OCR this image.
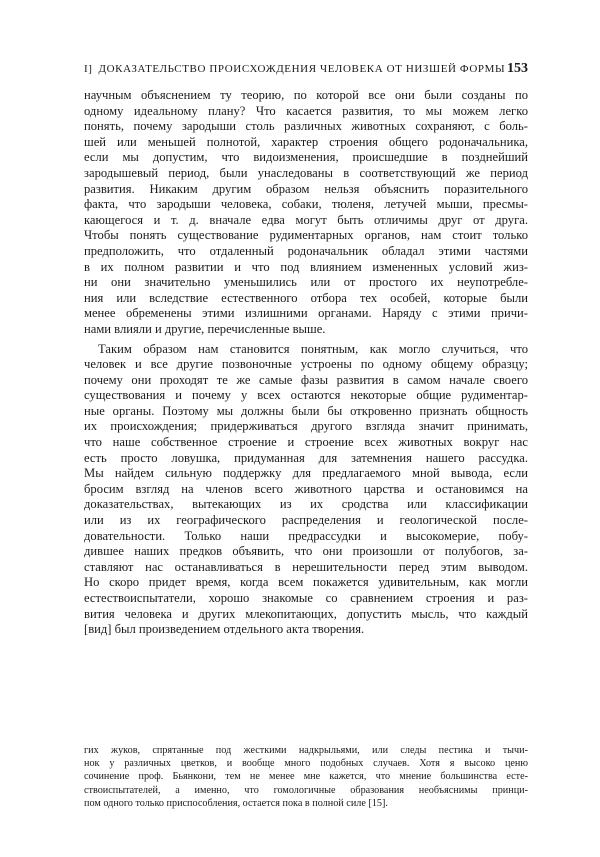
I] ДОКАЗАТЕЛЬСТВО ПРОИСХОЖДЕНИЯ ЧЕЛОВЕКА ОТ НИЗШЕЙ ФОРМЫ 153
научным объяснением ту теорию, по которой все они были созданы по
одному идеальному плану? Что касается развития, то мы можем легко
понять, почему зародыши столь различных животных сохраняют, с боль-
шей или меньшей полнотой, характер строения общего родоначальника,
если мы допустим, что видоизменения, происшедшие в позднейший
зародышевый период, были унаследованы в соответствующий же период
развития. Никаким другим образом нельзя объяснить поразительного
факта, что зародыши человека, собаки, тюленя, летучей мыши, пресмы-
кающегося и т. д. вначале едва могут быть отличимы друг от друга.
Чтобы понять существование рудиментарных органов, нам стоит только
предположить, что отдаленный родоначальник обладал этими частями
в их полном развитии и что под влиянием измененных условий жиз-
ни они значительно уменьшились или от простого их неупотребле-
ния или вследствие естественного отбора тех особей, которые были
менее обременены этими излишними органами. Наряду с этими причи-
нами влияли и другие, перечисленные выше.
Таким образом нам становится понятным, как могло случиться, что
человек и все другие позвоночные устроены по одному общему образцу;
почему они проходят те же самые фазы развития в самом начале своего
существования и почему у всех остаются некоторые общие рудиментар-
ные органы. Поэтому мы должны были бы откровенно признать общность
их происхождения; придерживаться другого взгляда значит принимать,
что наше собственное строение и строение всех животных вокруг нас
есть просто ловушка, придуманная для затемнения нашего рассудка.
Мы найдем сильную поддержку для предлагаемого мной вывода, если
бросим взгляд на членов всего животного царства и остановимся на
доказательствах, вытекающих из их сродства или классификации
или из их географического распределения и геологической после-
довательности. Только наши предрассудки и высокомерие, побу-
дившее наших предков объявить, что они произошли от полубогов, за-
ставляют нас останавливаться в нерешительности перед этим выводом.
Но скоро придет время, когда всем покажется удивительным, как могли
естествоиспытатели, хорошо знакомые со сравнением строения и раз-
вития человека и других млекопитающих, допустить мысль, что каждый
[вид] был произведением отдельного акта творения.
гих жуков, спрятанные под жесткими надкрыльями, или следы пестика и тычи-
нок у различных цветков, и вообще много подобных случаев. Хотя я высоко ценю
сочинение проф. Бьянкони, тем не менее мне кажется, что мнение большинства есте-
ствоиспытателей, а именно, что гомологичные образования необъяснимы принци-
пом одного только приспособления, остается пока в полной силе [15].
